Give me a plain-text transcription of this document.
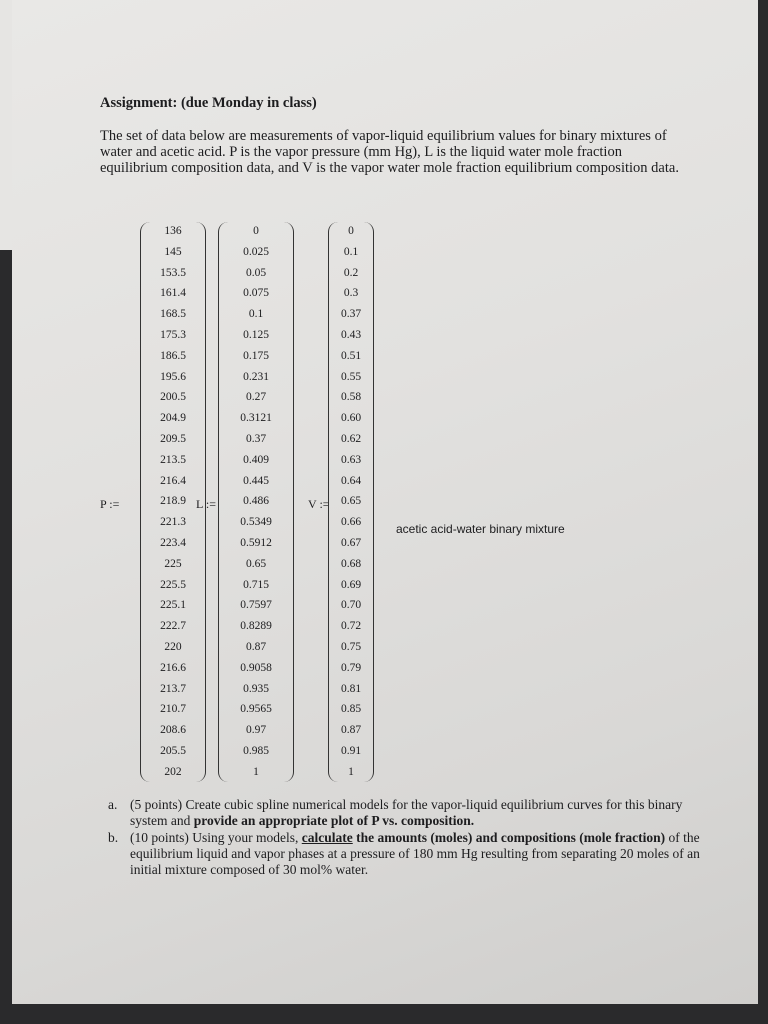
Assignment: (due Monday in class)
The set of data below are measurements of vapor-liquid equilibrium values for binary mixtures of water and acetic acid. P is the vapor pressure (mm Hg), L is the liquid water mole fraction equilibrium composition data, and V is the vapor water mole fraction equilibrium composition data.
P :=
136
145
153.5
161.4
168.5
175.3
186.5
195.6
200.5
204.9
209.5
213.5
216.4
218.9
221.3
223.4
225
225.5
225.1
222.7
220
216.6
213.7
210.7
208.6
205.5
202
L :=
0
0.025
0.05
0.075
0.1
0.125
0.175
0.231
0.27
0.3121
0.37
0.409
0.445
0.486
0.5349
0.5912
0.65
0.715
0.7597
0.8289
0.87
0.9058
0.935
0.9565
0.97
0.985
1
V :=
0
0.1
0.2
0.3
0.37
0.43
0.51
0.55
0.58
0.60
0.62
0.63
0.64
0.65
0.66
0.67
0.68
0.69
0.70
0.72
0.75
0.79
0.81
0.85
0.87
0.91
1
acetic acid-water binary mixture
a. (5 points) Create cubic spline numerical models for the vapor-liquid equilibrium curves for this binary system and provide an appropriate plot of P vs. composition.
b. (10 points) Using your models, calculate the amounts (moles) and compositions (mole fraction) of the equilibrium liquid and vapor phases at a pressure of 180 mm Hg resulting from separating 20 moles of an initial mixture composed of 30 mol% water.
